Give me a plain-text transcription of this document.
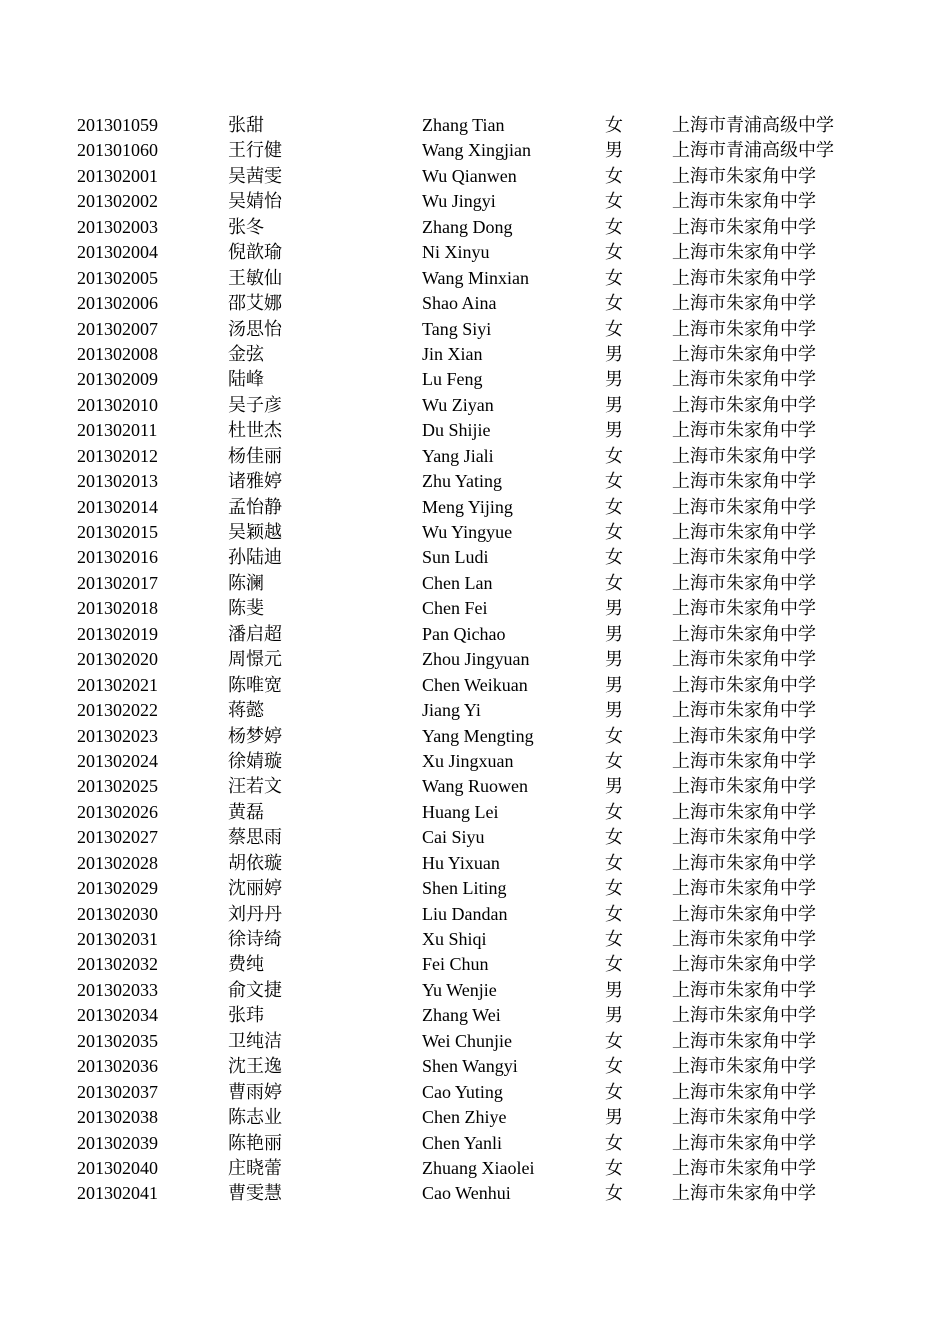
201301059	张甜	Zhang Tian	女	上海市青浦高级中学
201301060	王行健	Wang Xingjian	男	上海市青浦高级中学
201302001	吴茜雯	Wu Qianwen	女	上海市朱家角中学
201302002	吴婧怡	Wu Jingyi	女	上海市朱家角中学
201302003	张冬	Zhang Dong	女	上海市朱家角中学
201302004	倪歆瑜	Ni Xinyu	女	上海市朱家角中学
201302005	王敏仙	Wang Minxian	女	上海市朱家角中学
201302006	邵艾娜	Shao Aina	女	上海市朱家角中学
201302007	汤思怡	Tang Siyi	女	上海市朱家角中学
201302008	金弦	Jin Xian	男	上海市朱家角中学
201302009	陆峰	Lu Feng	男	上海市朱家角中学
201302010	吴子彦	Wu Ziyan	男	上海市朱家角中学
201302011	杜世杰	Du Shijie	男	上海市朱家角中学
201302012	杨佳丽	Yang Jiali	女	上海市朱家角中学
201302013	诸雅婷	Zhu Yating	女	上海市朱家角中学
201302014	孟怡静	Meng Yijing	女	上海市朱家角中学
201302015	吴颖越	Wu Yingyue	女	上海市朱家角中学
201302016	孙陆迪	Sun Ludi	女	上海市朱家角中学
201302017	陈澜	Chen Lan	女	上海市朱家角中学
201302018	陈斐	Chen Fei	男	上海市朱家角中学
201302019	潘启超	Pan Qichao	男	上海市朱家角中学
201302020	周憬元	Zhou Jingyuan	男	上海市朱家角中学
201302021	陈唯宽	Chen Weikuan	男	上海市朱家角中学
201302022	蒋懿	Jiang Yi	男	上海市朱家角中学
201302023	杨梦婷	Yang Mengting	女	上海市朱家角中学
201302024	徐婧璇	Xu Jingxuan	女	上海市朱家角中学
201302025	汪若文	Wang Ruowen	男	上海市朱家角中学
201302026	黄磊	Huang Lei	女	上海市朱家角中学
201302027	蔡思雨	Cai Siyu	女	上海市朱家角中学
201302028	胡依璇	Hu Yixuan	女	上海市朱家角中学
201302029	沈丽婷	Shen Liting	女	上海市朱家角中学
201302030	刘丹丹	Liu Dandan	女	上海市朱家角中学
201302031	徐诗绮	Xu Shiqi	女	上海市朱家角中学
201302032	费纯	Fei Chun	女	上海市朱家角中学
201302033	俞文捷	Yu Wenjie	男	上海市朱家角中学
201302034	张玮	Zhang Wei	男	上海市朱家角中学
201302035	卫纯洁	Wei Chunjie	女	上海市朱家角中学
201302036	沈王逸	Shen Wangyi	女	上海市朱家角中学
201302037	曹雨婷	Cao Yuting	女	上海市朱家角中学
201302038	陈志业	Chen Zhiye	男	上海市朱家角中学
201302039	陈艳丽	Chen Yanli	女	上海市朱家角中学
201302040	庄晓蕾	Zhuang Xiaolei	女	上海市朱家角中学
201302041	曹雯慧	Cao Wenhui	女	上海市朱家角中学
